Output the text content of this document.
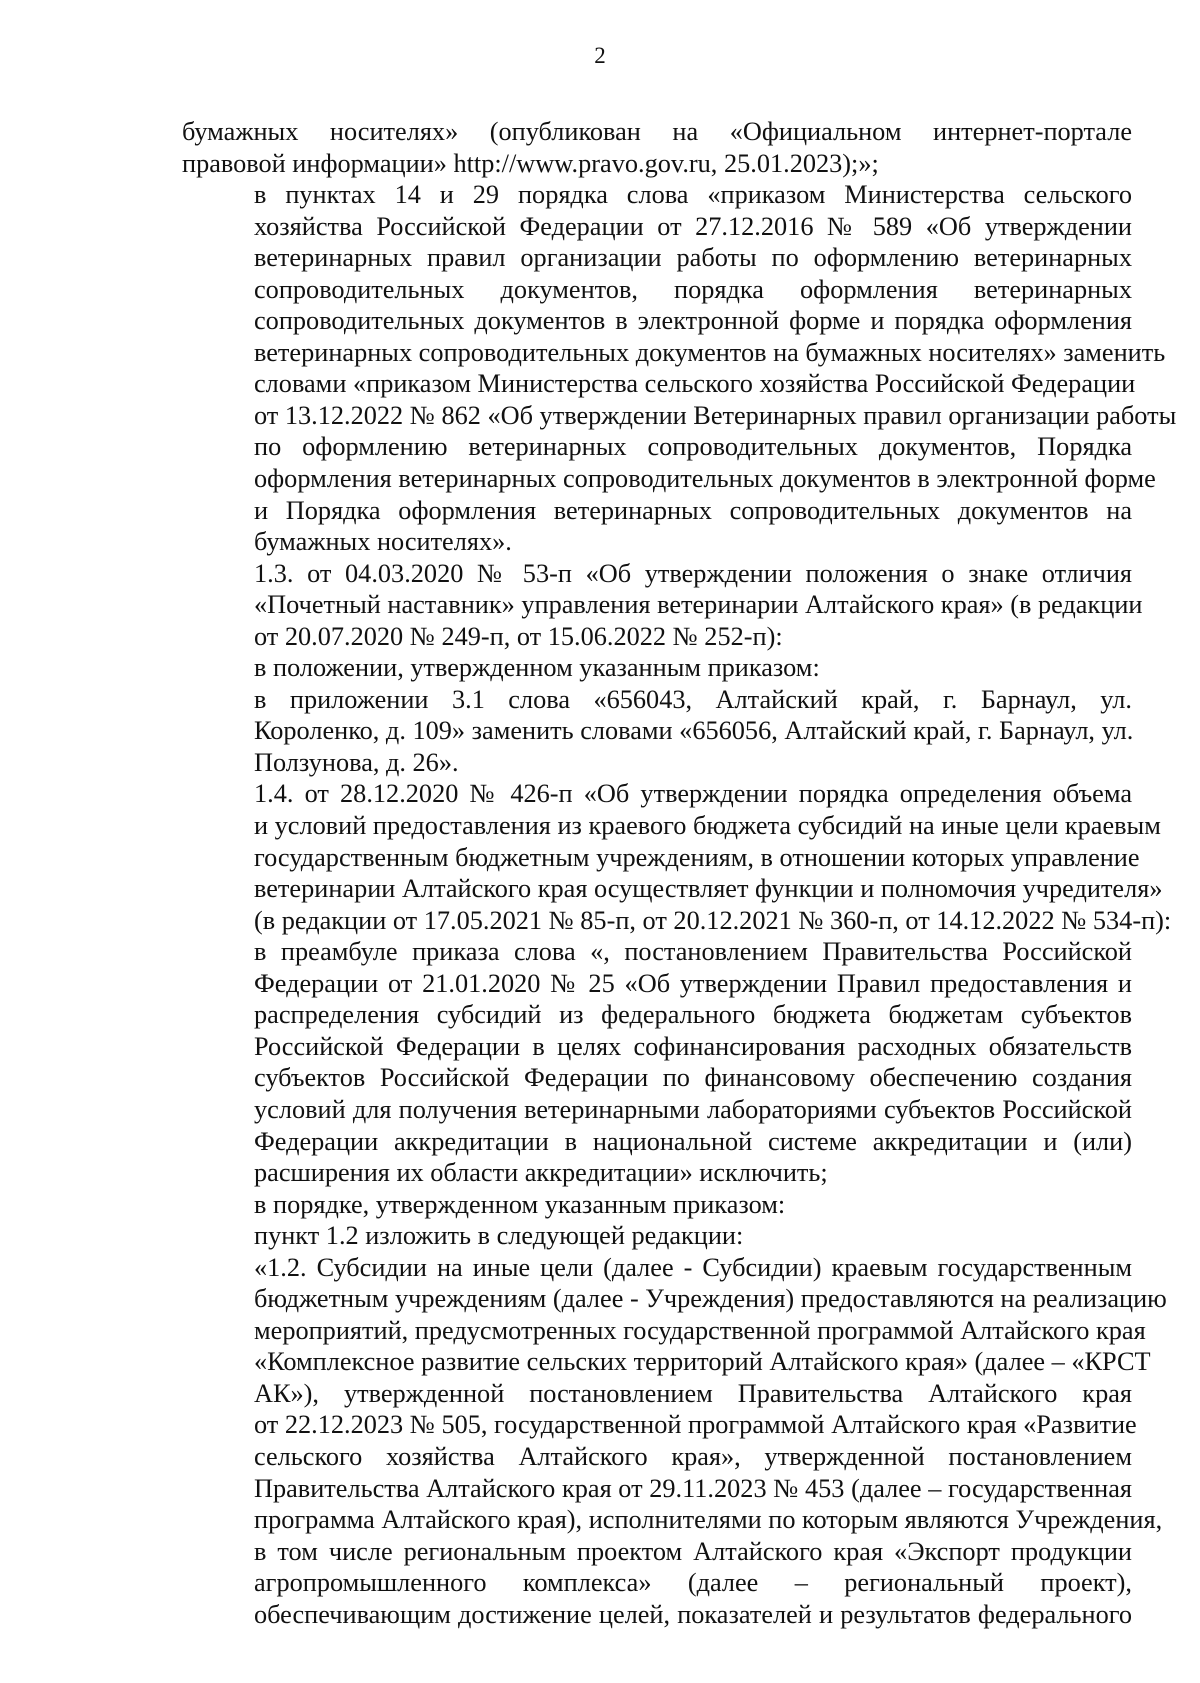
2
бумажных носителях» (опубликован на «Официальном интернет-портале
правовой информации» http://www.pravo.gov.ru, 25.01.2023);»;
в пунктах 14 и 29 порядка слова «приказом Министерства сельского
хозяйства Российской Федерации от 27.12.2016 № 589 «Об утверждении
ветеринарных правил организации работы по оформлению ветеринарных
сопроводительных документов, порядка оформления ветеринарных
сопроводительных документов в электронной форме и порядка оформления
ветеринарных сопроводительных документов на бумажных носителях» заменить
словами «приказом Министерства сельского хозяйства Российской Федерации
от 13.12.2022 № 862 «Об утверждении Ветеринарных правил организации работы
по оформлению ветеринарных сопроводительных документов, Порядка
оформления ветеринарных сопроводительных документов в электронной форме
и Порядка оформления ветеринарных сопроводительных документов на
бумажных носителях».
1.3. от 04.03.2020 № 53-п «Об утверждении положения о знаке отличия
«Почетный наставник» управления ветеринарии Алтайского края» (в редакции
от 20.07.2020 № 249-п, от 15.06.2022 № 252-п):
в положении, утвержденном указанным приказом:
в приложении 3.1 слова «656043, Алтайский край, г. Барнаул, ул.
Короленко, д. 109» заменить словами «656056, Алтайский край, г. Барнаул, ул.
Ползунова, д. 26».
1.4. от 28.12.2020 № 426-п «Об утверждении порядка определения объема
и условий предоставления из краевого бюджета субсидий на иные цели краевым
государственным бюджетным учреждениям, в отношении которых управление
ветеринарии Алтайского края осуществляет функции и полномочия учредителя»
(в редакции от 17.05.2021 № 85-п, от 20.12.2021 № 360-п, от 14.12.2022 № 534-п):
в преамбуле приказа слова «, постановлением Правительства Российской
Федерации от 21.01.2020 № 25 «Об утверждении Правил предоставления и
распределения субсидий из федерального бюджета бюджетам субъектов
Российской Федерации в целях софинансирования расходных обязательств
субъектов Российской Федерации по финансовому обеспечению создания
условий для получения ветеринарными лабораториями субъектов Российской
Федерации аккредитации в национальной системе аккредитации и (или)
расширения их области аккредитации» исключить;
в порядке, утвержденном указанным приказом:
пункт 1.2 изложить в следующей редакции:
«1.2. Субсидии на иные цели (далее - Субсидии) краевым государственным
бюджетным учреждениям (далее - Учреждения) предоставляются на реализацию
мероприятий, предусмотренных государственной программой Алтайского края
«Комплексное развитие сельских территорий Алтайского края» (далее – «КРСТ
АК»), утвержденной постановлением Правительства Алтайского края
от 22.12.2023 № 505, государственной программой Алтайского края «Развитие
сельского хозяйства Алтайского края», утвержденной постановлением
Правительства Алтайского края от 29.11.2023 № 453 (далее – государственная
программа Алтайского края), исполнителями по которым являются Учреждения,
в том числе региональным проектом Алтайского края «Экспорт продукции
агропромышленного комплекса» (далее – региональный проект),
обеспечивающим достижение целей, показателей и результатов федерального
